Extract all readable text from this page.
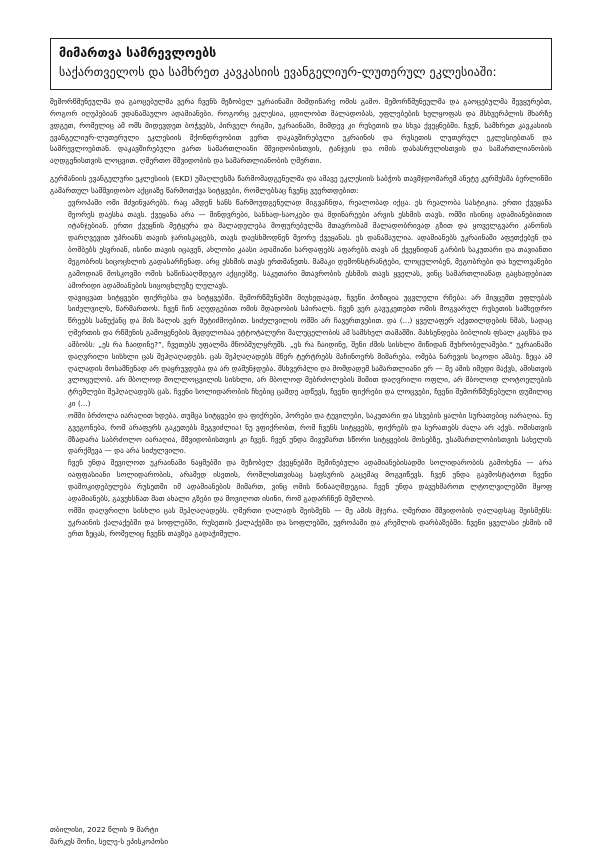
მიმართვა სამრევლოებს
საქართველოს და სამხრეთ კავკასიის ევანგელიურ-ლუთერულ ეკლესიაში:

შემორწმუნეულმა და გაოცებულმა ვერა ჩვენს მეზობელ უკრაინაში მიმდინარე ომის გამო. შემორწმუნეულმა და გაოცებულმა შევყურებთ, როგორ იღუპებიან უდანაშაულო ადამიანები. როგორც ეკლესია, ცდილობთ მალადობას, უფლებების ხელყოფას და მსხვერპლის მხარზე ვდგეთ, რომელიც ამ ომს მიდევდეთ ბოჭვებს, პირველ რიგში, უკრაინაში, მიმდევ კი რუსეთის და სხვა ქვეყნებში. ჩვენ, სამხრეთ კავკასიის ევანგელიურ-ლუთერული ეკლესიის მქონდრეობით ვერთ დაკავშირებული უკრაინის და რუსეთის ლუთერულ ეკლესიებთან და სამრევლოებთან. დაკავშირებული ვართ სამართლიანი მშვიდობისთვის, ტანჯვის და ომის დასასრულისთვის და სამართლიანობის აღდგენისთვის ლოცვით. ღმერთო მშვიდობის და სამართლიანობის ღმერთი.

გერმანიის ევანგელური ეკლესიის (EKD) უმაღლესმა წარმომადგენელმა და ამავე ეკლესიის საბჭოს თავმჯდომარემ ანეტე კურშუსმა ბერლინში გამართულ სამშვიდობო აქციაზე წარმოთქვა სიტყვები, რომლებსაც ჩვენც ვუერთდებით:

ევროპაში ომი მძვინვარებს. რაც ამდენ ხანს წარმოუდგენელად მიგვაჩნდა, რეალობად იქცა. ეს რეალობა სასტიკია. ერთი ქვეყანა მეორეს დაესხა თავს. ქვეყანა არა — მინდვრები, სანხად-საოკები და მდინარეები არვის ესხმის თავს. ომში ისინიც ადამიანებითით იტანჯებიან. ერთი ქვეყნის მეტყურა და მალადელება მოფურებულმა მთავრობამ მალადობრივად გზით და ყოველგვარი კანონის დარღვევით უპრიანს თავის ჯარისკაცებს, თავს დაესხმოდნენ მეორე ქვეყანას. ეს დანაშაულია. ადამიანებს უკრაინაში აფეთქებენ და ბომბებს ესვრიან, ისინი თავის იცავენ, ახლობი კაასი ადამიანი სარდაფებს აფარებს თავს ან ქვეყნიდან გარბის საკუთარი და თავიანთი მეგობრის სიცოცხლის გადასარჩენად. არც ესხმის თავს ერთმანეთს. მამაკი დემონსტრანტები, ლოცულობენ, მეგობრები და ხელოვანები გამოდიან მოსკოვში ომის საწინააღმდეგო აქციებზე. საკუთარი მთავრობის ესხმის თავს ყველას, ვინც სამართლიანად გაცხადებიათ ამორიდი ადამიანების სიცოცხლეზე ლელავს.

დავიცვათ სიტყვები ფიქრებსა და სიტყვებში. შემორწმუნებში მიუხედავად, ჩვენი პოზიცია უცვლელი რჩება: არ მივცემთ უფლებას სიძულვილს, წარმართოს. ჩვენ ჩინ აღუდგებით ომის მდადობის სპირალს. ჩვენ ვერ გავუკეთებთ ომის მოგვარულ რუსეთის სამხედრო წრეებს სანუქანც და მის ზალის ვერ მეტიძმოებით. სიძულვილის ომში არ ჩავერთვებით. და (...) ყველაფერ აქვთილდების ნმას, სადაც ღმერთის და რწმენის გამოყენების მცდელობაა ეტტოტალური მალუცელობის ამ სამსხელ თამაშში. მახსენდება ბიბლიის ფსალ კაცნსა და ამბობს: „ეს რა ჩაიდინე?”, ჩვეთებს უფალმა მნობმულყრუმს. „ეს რა ჩაიდინე, შენი ძმის სისხლი მიწიდან მუხრობელამები.“ უკრაინაში დაღვრილი სისხლი ცას შეჰღაღადებს. ცას შეჰღაღადებს მწერ ტერტრებს მაჩინოერს მიმარება. ომება ნარევის სიკოდი აშაბე. ზეცა ამ ღალადის მოსამნენად არ დაყრუვდება და არ დამუნჯდება. მსხვერპლი და მომდადემ სამართლიანი ერ — მე ამის იმედი მაქვს, ამისთვის ვლოცულობ. არ მბოლოდ მოლლოცვილის სისხლი, არ მბოლოდ მებრძოლების მიმით დაღვრილი ოფლი, არ მბოლოდ ლოტოელების ტრემლები შეჰღაღადებს ცას. ჩვენი სოლიდარობის ჩხებიც ცამდე ადწევს, ჩვენი ფიქრები და ლოცვები, ჩვენი შემორწმუნებული დუმილიც კი (...)

ომში ბრძოლა იარაღით ხდება. თუმცა სიტყვები და ფიქრები, ჰორები და ტუვილები, საკუთარი და სხვების ყალბი სურათებიც იარაღია. ნუ გვეგონება, რომ არაფერს გაკეთებს მეგვიძლია! ნუ ვფიქრობთ, რომ ჩვენს სიტყვებს, ფიქრებს და სურათებს ძალა არ აქვს. ომისთვის მზადარა საბრძოლო იარაღია, მშვიდობისთვის კი ჩვენ. ჩვენ უნდა მივემართ სწორი სიტყვების მოსებზე, უსამართლობისთვის სახელის დარქმევა — და არა სიძულვილი.

ჩვენ უნდა შევილოთ უკრაინაში ნაყმებში და მეზობელ ქვეყნებში შემინებული ადამიანებისადმი სოლიდარობის გამოხენა — არა იაფფასიანი სოლიდარობის, არამედ ისეთის, რომლისთვისაც საფსურის გაცემაც მოგვიწევს. ჩვენ უნდა გავმოსტატოთ ჩვენი დამოკიდებულება რუსეთში იმ ადამიანების მიმართ, ვინც ომის წინააღმდეგია. ჩვენ უნდა დავეხმაროთ ლტოლვილებში მყოფ ადამიანებს, გავუხსნათ მათ ახალი გზები და მოვიღოთ ისინი, რომ გადარჩნენ მეშლობ.

ომში დაღვრილი სისხლი ცას შეჰღაღადებს. ღმერთი ღალადს შეისმენს — მე ამის მჯერა. ღმერთი მშვიდობის ღალადსაც შეისმენს: უკრაინის ქალაქებში და სოფლებში, რუსეთის ქალაქებში და სოფლებში, ევროპაში და კრემლის დარბაზებში. ჩვენი ყველასი ესმის იმ ერთ ზეცას, რომელიც ჩვენს თავზეა გადაჭიმული.

თბილისი, 2022 წლის 9 მარტი

მარკუს შოჩი, სელე-ს ეპისკოპოსი
